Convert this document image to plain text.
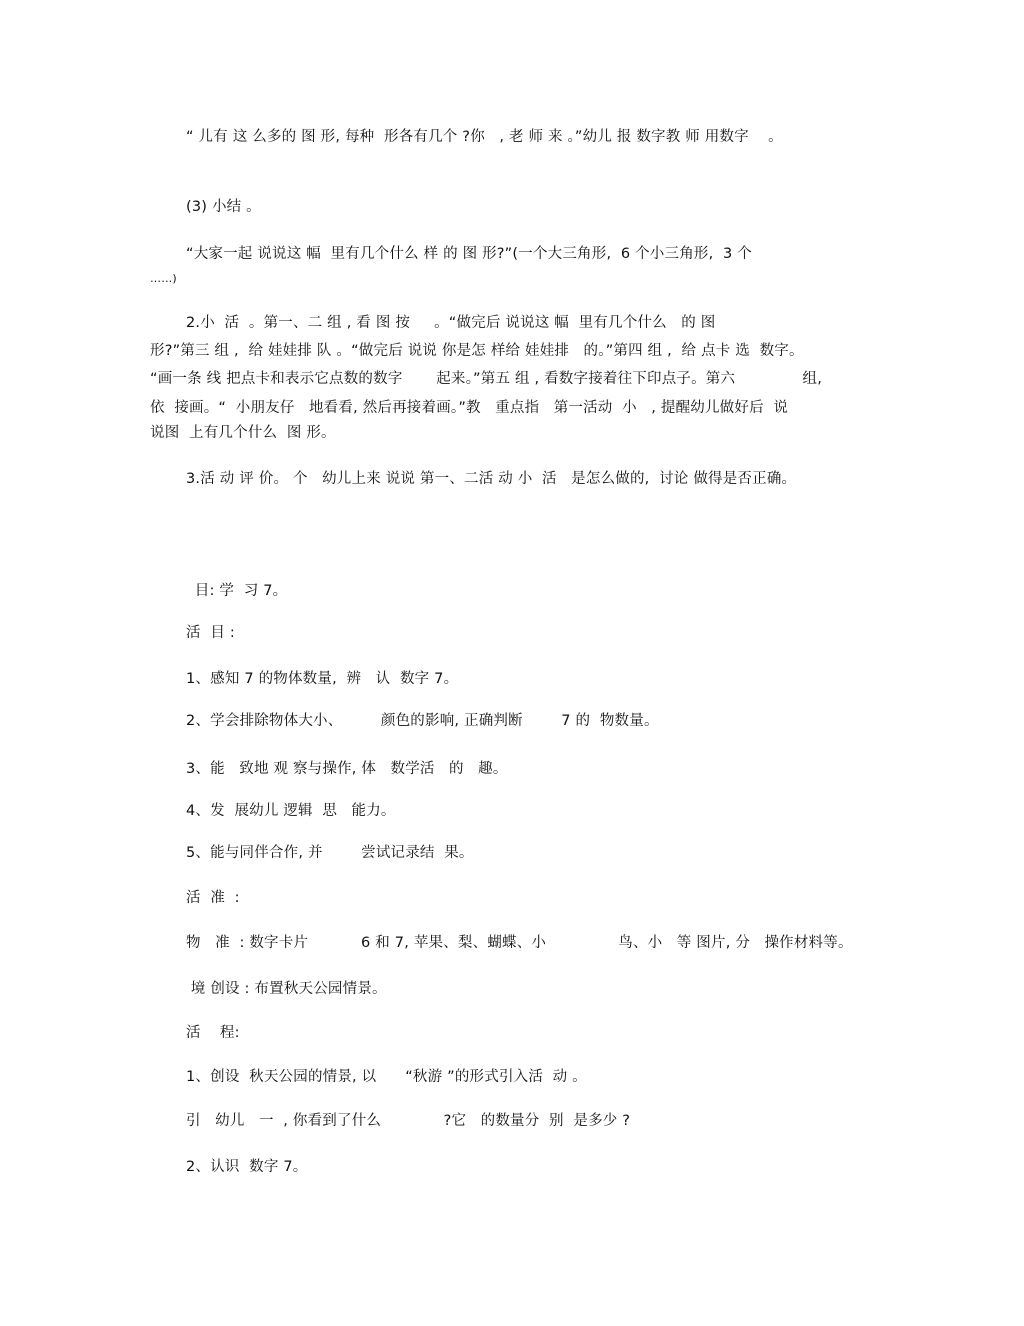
“ 儿有 这 么多的 图 形, 每种  形各有几个 ?你   , 老 师 来 。”幼儿 报 数字教 师 用数字    。
(3) 小结 。
“大家一起 说说这 幅  里有几个什么 样 的 图 形?”(一个大三角形,  6 个小三角形,  3 个
……)
2.小  活  。第一、二 组 , 看 图 按     。“做完后 说说这 幅  里有几个什么   的 图
形?”第三 组 ,  给 娃娃排 队 。“做完后 说说 你是怎 样给 娃娃排   的。”第四 组 ,  给 点卡 选  数字。
“画一条 线 把点卡和表示它点数的数字       起来。”第五 组 , 看数字接着往下印点子。第六              组,
依  接画。“  小朋友仔   地看看, 然后再接着画。”教   重点指   第一活动  小   , 提醒幼儿做好后  说
说图  上有几个什么  图 形。
3.活 动 评 价。 个   幼儿上来 说说 第一、二活 动 小  活   是怎么做的,  讨论 做得是否正确。
目: 学  习 7。
活  目 :
1、感知 7 的物体数量,  辨   认  数字 7。
2、学会排除物体大小、        颜色的影响, 正确判断        7 的  物数量。
3、能   致地 观 察与操作, 体   数学活   的   趣。
4、发  展幼儿 逻辑  思   能力。
5、能与同伴合作, 并        尝试记录结  果。
活  准  :
物   准  : 数字卡片           6 和 7, 苹果、梨、蝴蝶、小               鸟、小   等 图片, 分   操作材料等。
境 创设 : 布置秋天公园情景。
活    程:
1、创设  秋天公园的情景, 以      “秋游 ”的形式引入活  动 。
引   幼儿   一  , 你看到了什么             ?它   的数量分  别  是多少 ?
2、认识  数字 7。
